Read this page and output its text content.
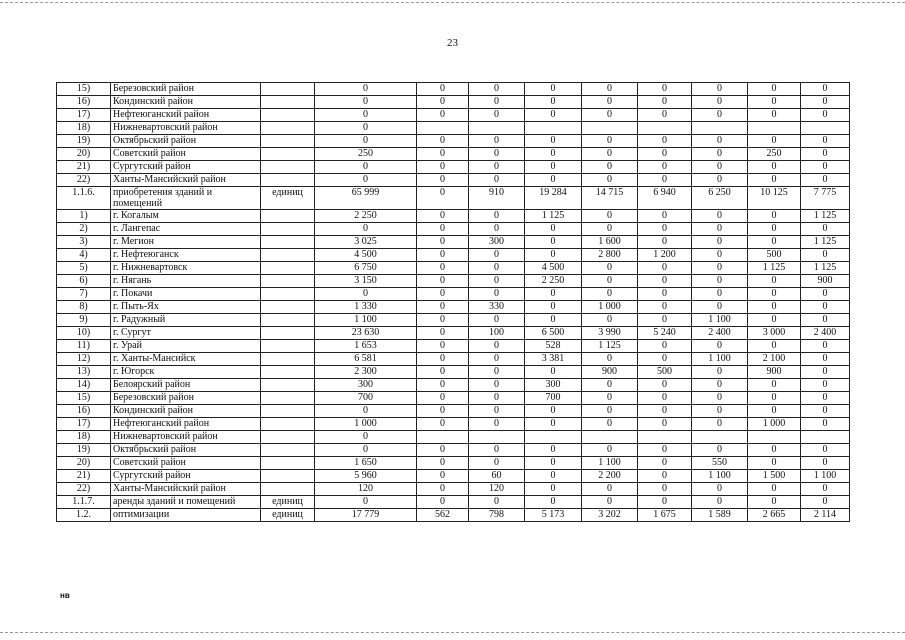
23
15)	Березовский район		0	0	0	0	0	0	0	0	0
16)	Кондинский район		0	0	0	0	0	0	0	0	0
17)	Нефтеюганский район		0	0	0	0	0	0	0	0	0
18)	Нижневартовский район		0								
19)	Октябрьский район		0	0	0	0	0	0	0	0	0
20)	Советский район		250	0	0	0	0	0	0	250	0
21)	Сургутский район		0	0	0	0	0	0	0	0	0
22)	Ханты-Мансийский район		0	0	0	0	0	0	0	0	0
1.1.6.	приобретения зданий и помещений	единиц	65 999	0	910	19 284	14 715	6 940	6 250	10 125	7 775
1)	г. Когалым		2 250	0	0	1 125	0	0	0	0	1 125
2)	г. Лангепас		0	0	0	0	0	0	0	0	0
3)	г. Мегион		3 025	0	300	0	1 600	0	0	0	1 125
4)	г. Нефтеюганск		4 500	0	0	0	2 800	1 200	0	500	0
5)	г. Нижневартовск		6 750	0	0	4 500	0	0	0	1 125	1 125
6)	г. Нягань		3 150	0	0	2 250	0	0	0	0	900
7)	г. Покачи		0	0	0	0	0	0	0	0	0
8)	г. Пыть-Ях		1 330	0	330	0	1 000	0	0	0	0
9)	г. Радужный		1 100	0	0	0	0	0	1 100	0	0
10)	г. Сургут		23 630	0	100	6 500	3 990	5 240	2 400	3 000	2 400
11)	г. Урай		1 653	0	0	528	1 125	0	0	0	0
12)	г. Ханты-Мансийск		6 581	0	0	3 381	0	0	1 100	2 100	0
13)	г. Югорск		2 300	0	0	0	900	500	0	900	0
14)	Белоярский район		300	0	0	300	0	0	0	0	0
15)	Березовский район		700	0	0	700	0	0	0	0	0
16)	Кондинский район		0	0	0	0	0	0	0	0	0
17)	Нефтеюганский район		1 000	0	0	0	0	0	0	1 000	0
18)	Нижневартовский район		0								
19)	Октябрьский район		0	0	0	0	0	0	0	0	0
20)	Советский район		1 650	0	0	0	1 100	0	550	0	0
21)	Сургутский район		5 960	0	60	0	2 200	0	1 100	1 500	1 100
22)	Ханты-Мансийский район		120	0	120	0	0	0	0	0	0
1.1.7.	аренды зданий и помещений	единиц	0	0	0	0	0	0	0	0	0
1.2.	оптимизации	единиц	17 779	562	798	5 173	3 202	1 675	1 589	2 665	2 114
нв
